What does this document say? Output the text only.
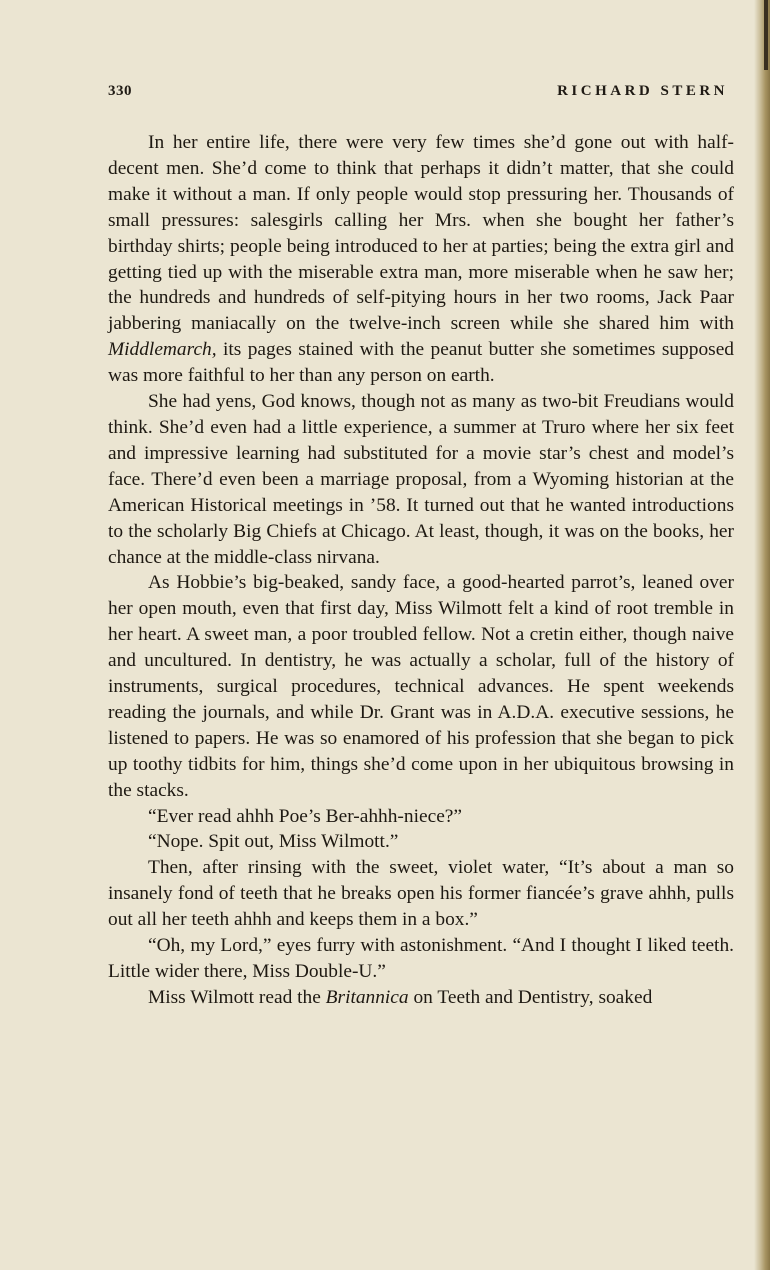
330	RICHARD STERN

In her entire life, there were very few times she’d gone out with half-decent men. She’d come to think that perhaps it didn’t matter, that she could make it without a man. If only people would stop pressuring her. Thousands of small pressures: salesgirls calling her Mrs. when she bought her father’s birthday shirts; people being introduced to her at parties; being the extra girl and getting tied up with the miserable extra man, more miserable when he saw her; the hundreds and hundreds of self-pitying hours in her two rooms, Jack Paar jabbering maniacally on the twelve-inch screen while she shared him with Middlemarch, its pages stained with the peanut butter she sometimes supposed was more faithful to her than any person on earth.

She had yens, God knows, though not as many as two-bit Freudians would think. She’d even had a little experience, a summer at Truro where her six feet and impressive learning had substituted for a movie star’s chest and model’s face. There’d even been a marriage proposal, from a Wyoming historian at the American Historical meetings in ’58. It turned out that he wanted introductions to the scholarly Big Chiefs at Chicago. At least, though, it was on the books, her chance at the middle-class nirvana.

As Hobbie’s big-beaked, sandy face, a good-hearted parrot’s, leaned over her open mouth, even that first day, Miss Wilmott felt a kind of root tremble in her heart. A sweet man, a poor troubled fellow. Not a cretin either, though naive and uncultured. In dentistry, he was actually a scholar, full of the history of instruments, surgical procedures, technical advances. He spent weekends reading the journals, and while Dr. Grant was in A.D.A. executive sessions, he listened to papers. He was so enamored of his profession that she began to pick up toothy tidbits for him, things she’d come upon in her ubiquitous browsing in the stacks.

“Ever read ahhh Poe’s Ber-ahhh-niece?”

“Nope. Spit out, Miss Wilmott.”

Then, after rinsing with the sweet, violet water, “It’s about a man so insanely fond of teeth that he breaks open his former fiancée’s grave ahhh, pulls out all her teeth ahhh and keeps them in a box.”

“Oh, my Lord,” eyes furry with astonishment. “And I thought I liked teeth. Little wider there, Miss Double-U.”

Miss Wilmott read the Britannica on Teeth and Dentistry, soaked
